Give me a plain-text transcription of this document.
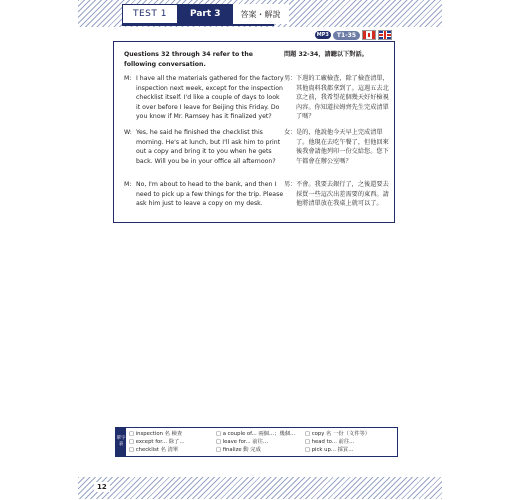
TEST 1	Part 3	答案・解說
MP3	T1-35
Questions 32 through 34 refer to the following conversation.
問題 32-34，請聽以下對話。
M: I have all the materials gathered for the factory inspection next week, except for the inspection checklist itself. I'd like a couple of days to look it over before I leave for Beijing this Friday. Do you know if Mr. Ramsey has it finalized yet?
男： 下週的工廠檢查，除了檢查清單，其他資料我都拿到了。這週五去北京之前，我希望花個幾天好好檢視內容。你知道拉姆齊先生完成清單了嗎？
W: Yes, he said he finished the checklist this morning. He's at lunch, but I'll ask him to print out a copy and bring it to you when he gets back. Will you be in your office all afternoon?
女： 是的，他說他今天早上完成清單了。他現在去吃午餐了，但他回來後我會請他列印一份交給您。您下午都會在辦公室嗎？
M: No, I'm about to head to the bank, and then I need to pick up a few things for the trip. Please ask him just to leave a copy on my desk.
男： 不會。我要去銀行了，之後還要去採買一些這次出差需要的東西。請他將清單放在我桌上就可以了。
單字表
□ inspection 名 檢查
□ except for... 除了…
□ checklist 名 清單
□ a couple of... 兩個…；幾個…
□ leave for... 前往…
□ finalize 動 完成
□ copy 名 一份（文件等）
□ head to... 前往…
□ pick up... 採買…
12
